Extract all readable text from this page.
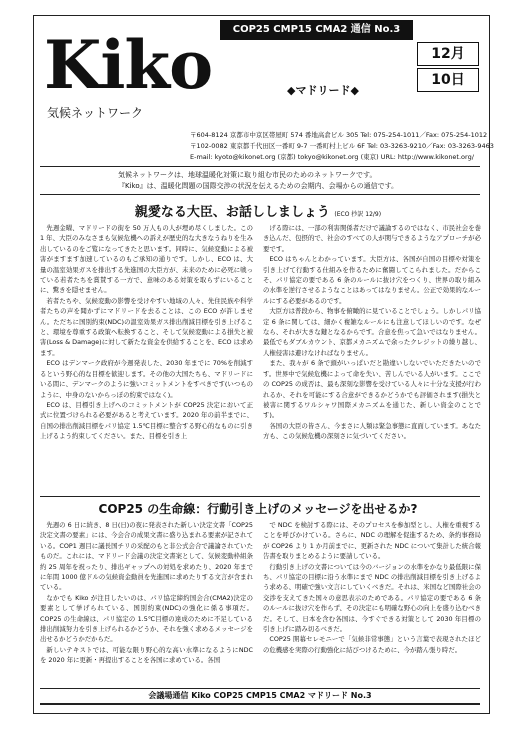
Kiko
気候ネットワーク
COP25 CMP15 CMA2 通信 No.3
12月
10日
◆マドリード◆
〒604-8124 京都市中京区帯屋町 574 番地高倉ビル 305 Tel: 075-254-1011／Fax: 075-254-1012
〒102-0082 東京都千代田区一番町 9-7 一番町村上ビル 6F Tel: 03-3263-9210／Fax: 03-3263-9463
E-mail: kyoto@kikonet.org (京都) tokyo@kikonet.org (東京) URL: http://www.kikonet.org/
気候ネットワークは、地球温暖化対策に取り組む市民のためのネットワークです。
『Kiko』は、温暖化問題の国際交渉の状況を伝えるための会期内、会場からの通信です。
親愛なる大臣、お話ししましょう (ECO 抄訳 12/9)

先週金曜、マドリードの街を 50 万人もの人が埋め尽くしました。この 1 年、大臣のみなさまも気候危機への訴えが歴史的な大きなうねりを生み出しているのをご覧になってきたと思います。同時に、気候変動による被害がますます加速しているのもご承知の通りです。しかし、ECO は、大量の温室効果ガスを排出する先進国の大臣方が、未来のために必死に戦っている若者たちを賞賛する一方で、意味のある対策を取らずにいることに、驚きを隠せません。

若者たちや、気候変動の影響を受けやすい地域の人々、先住民族や科学者たちの声を聞かずにマドリードを去ることは、この ECO が許しません。ただちに国別約束(NDC)の温室効果ガス排出削減目標を引き上げること、環境を尊重する政策へ転換すること、そして気候変動による損失と被害(Loss & Damage)に対して新たな資金を供給することを、ECO は求めます。

ECO はデンマーク政府が今週発表した、2030 年までに 70%を削減するという野心的な目標を歓迎します。その他の大国たちも、マドリードにいる間に、デンマークのように強いコミットメントをすべきです(いつものように、中身のないからっぽの約束ではなく)。

ECO は、目標引き上げへのコミットメントが COP25 決定において正式に位置づけられる必要があると考えています。2020 年の前半までに、自国の排出削減目標をパリ協定 1.5℃目標に整合する野心的なものに引き上げるよう約束してください。また、目標を引き上

げる際には、一部の利害関係者だけで議論するのではなく、市民社会を巻き込んだ、包摂的で、社会のすべての人が関与できるようなアプローチが必要です。

ECO はちゃんとわかっています。大臣方は、各国が自国の目標や対策を引き上げて行動する仕組みを作るために奮闘してこられました。だからこそ、パリ協定の要である 6 条のルールに抜け穴をつくり、世界の取り組みの水準を逆行させるようなことはあってはなりません。公正で効果的なルールにする必要があるのです。

大臣方は普段から、物事を俯瞰的に見ていることでしょう。しかしパリ協定 6 条に関しては、細かく複雑なルールにも注意してほしいのです。なぜなら、それが大きな鍵となるからです。合意を焦って急いではなりません。最低でもダブルカウント、京都メカニズムで余ったクレジットの繰り越し、人権侵害は避けなければなりません。

また、我々が 6 条で頭がいっぱいだと勘違いしないでいただきたいのです。世界中で気候危機によって命を失い、苦しんでいる人がいます。ここでの COP25 の成否は、最も深刻な影響を受けている人々に十分な支援が行われるか、それを可能にする合意ができるかどうかでも評価されます(損失と被害に関するワルシャワ国際メカニズムを通じた、新しい資金のことです)。

各国の大臣の皆さん、今まさに人類は緊急事態に直面しています。あなた方も、この気候危機の深刻さに気づいてください。

COP25 の生命線：行動引き上げのメッセージを出せるか?

先週の 6 日に続き、8 日(日)の夜に発表された新しい決定文書「COP25 決定文書の要素」には、今会合の成果文書に盛り込まれる要素が記されている。COP1 週目に議長国チリの采配のもと非公式会合で議論されていたものだ。これには、マドリード会議の決定文書案として、気候変動枠組条約 25 周年を祝ったり、排出ギャップへの対処を求めたり、2020 年までに年間 1000 億ドルの気候資金動員を先進国に求めたりする文言が含まれている。

なかでも Kiko が注目したいのは、パリ協定締約国会合(CMA2)決定の要素として挙げられている、国別約束(NDC)の強化に係る事項だ。COP25 の生命線は、パリ協定の 1.5℃目標の達成のために不足している排出削減努力を引き上げられるかどうか、それを強く求めるメッセージを出せるかどうかだからだ。

新しいテキストでは、可能な限り野心的な高い水準になるようにNDC を 2020 年に更新・再提出することを各国に求めている。各国

で NDC を検討する際には、そのプロセスを参加型とし、人権を重視することを呼びかけている。さらに、NDC の理解を促進するため、条約事務局が COP26 より 1 か月前までに、更新された NDC について集計した統合報告書を取りまとめるように要請している。

行動引き上げの文書については今のバージョンの水準をかなり最低限に保ち、パリ協定の目標に沿う水準にまで NDC の排出削減目標を引き上げるよう求める、明確で強い文言にしていくべきだ。それは、米国など国際社会の交渉を支えてきた国々の意思表示のためである。パリ協定の要である 6 条のルールに抜け穴を作らず、その決定にも明確な野心の向上を盛り込むべきだ。そして、日本を含む各国は、今すぐできる対策として 2030 年目標の引き上げに踏み切るべきだ。

COP25 開幕セレモニーで「気候非常事態」という言葉で表現されたほどの危機感を実際の行動強化に結びつけるために、今が踏ん張り時だ。

会議場通信 Kiko COP25 CMP15 CMA2 マドリード No.3
